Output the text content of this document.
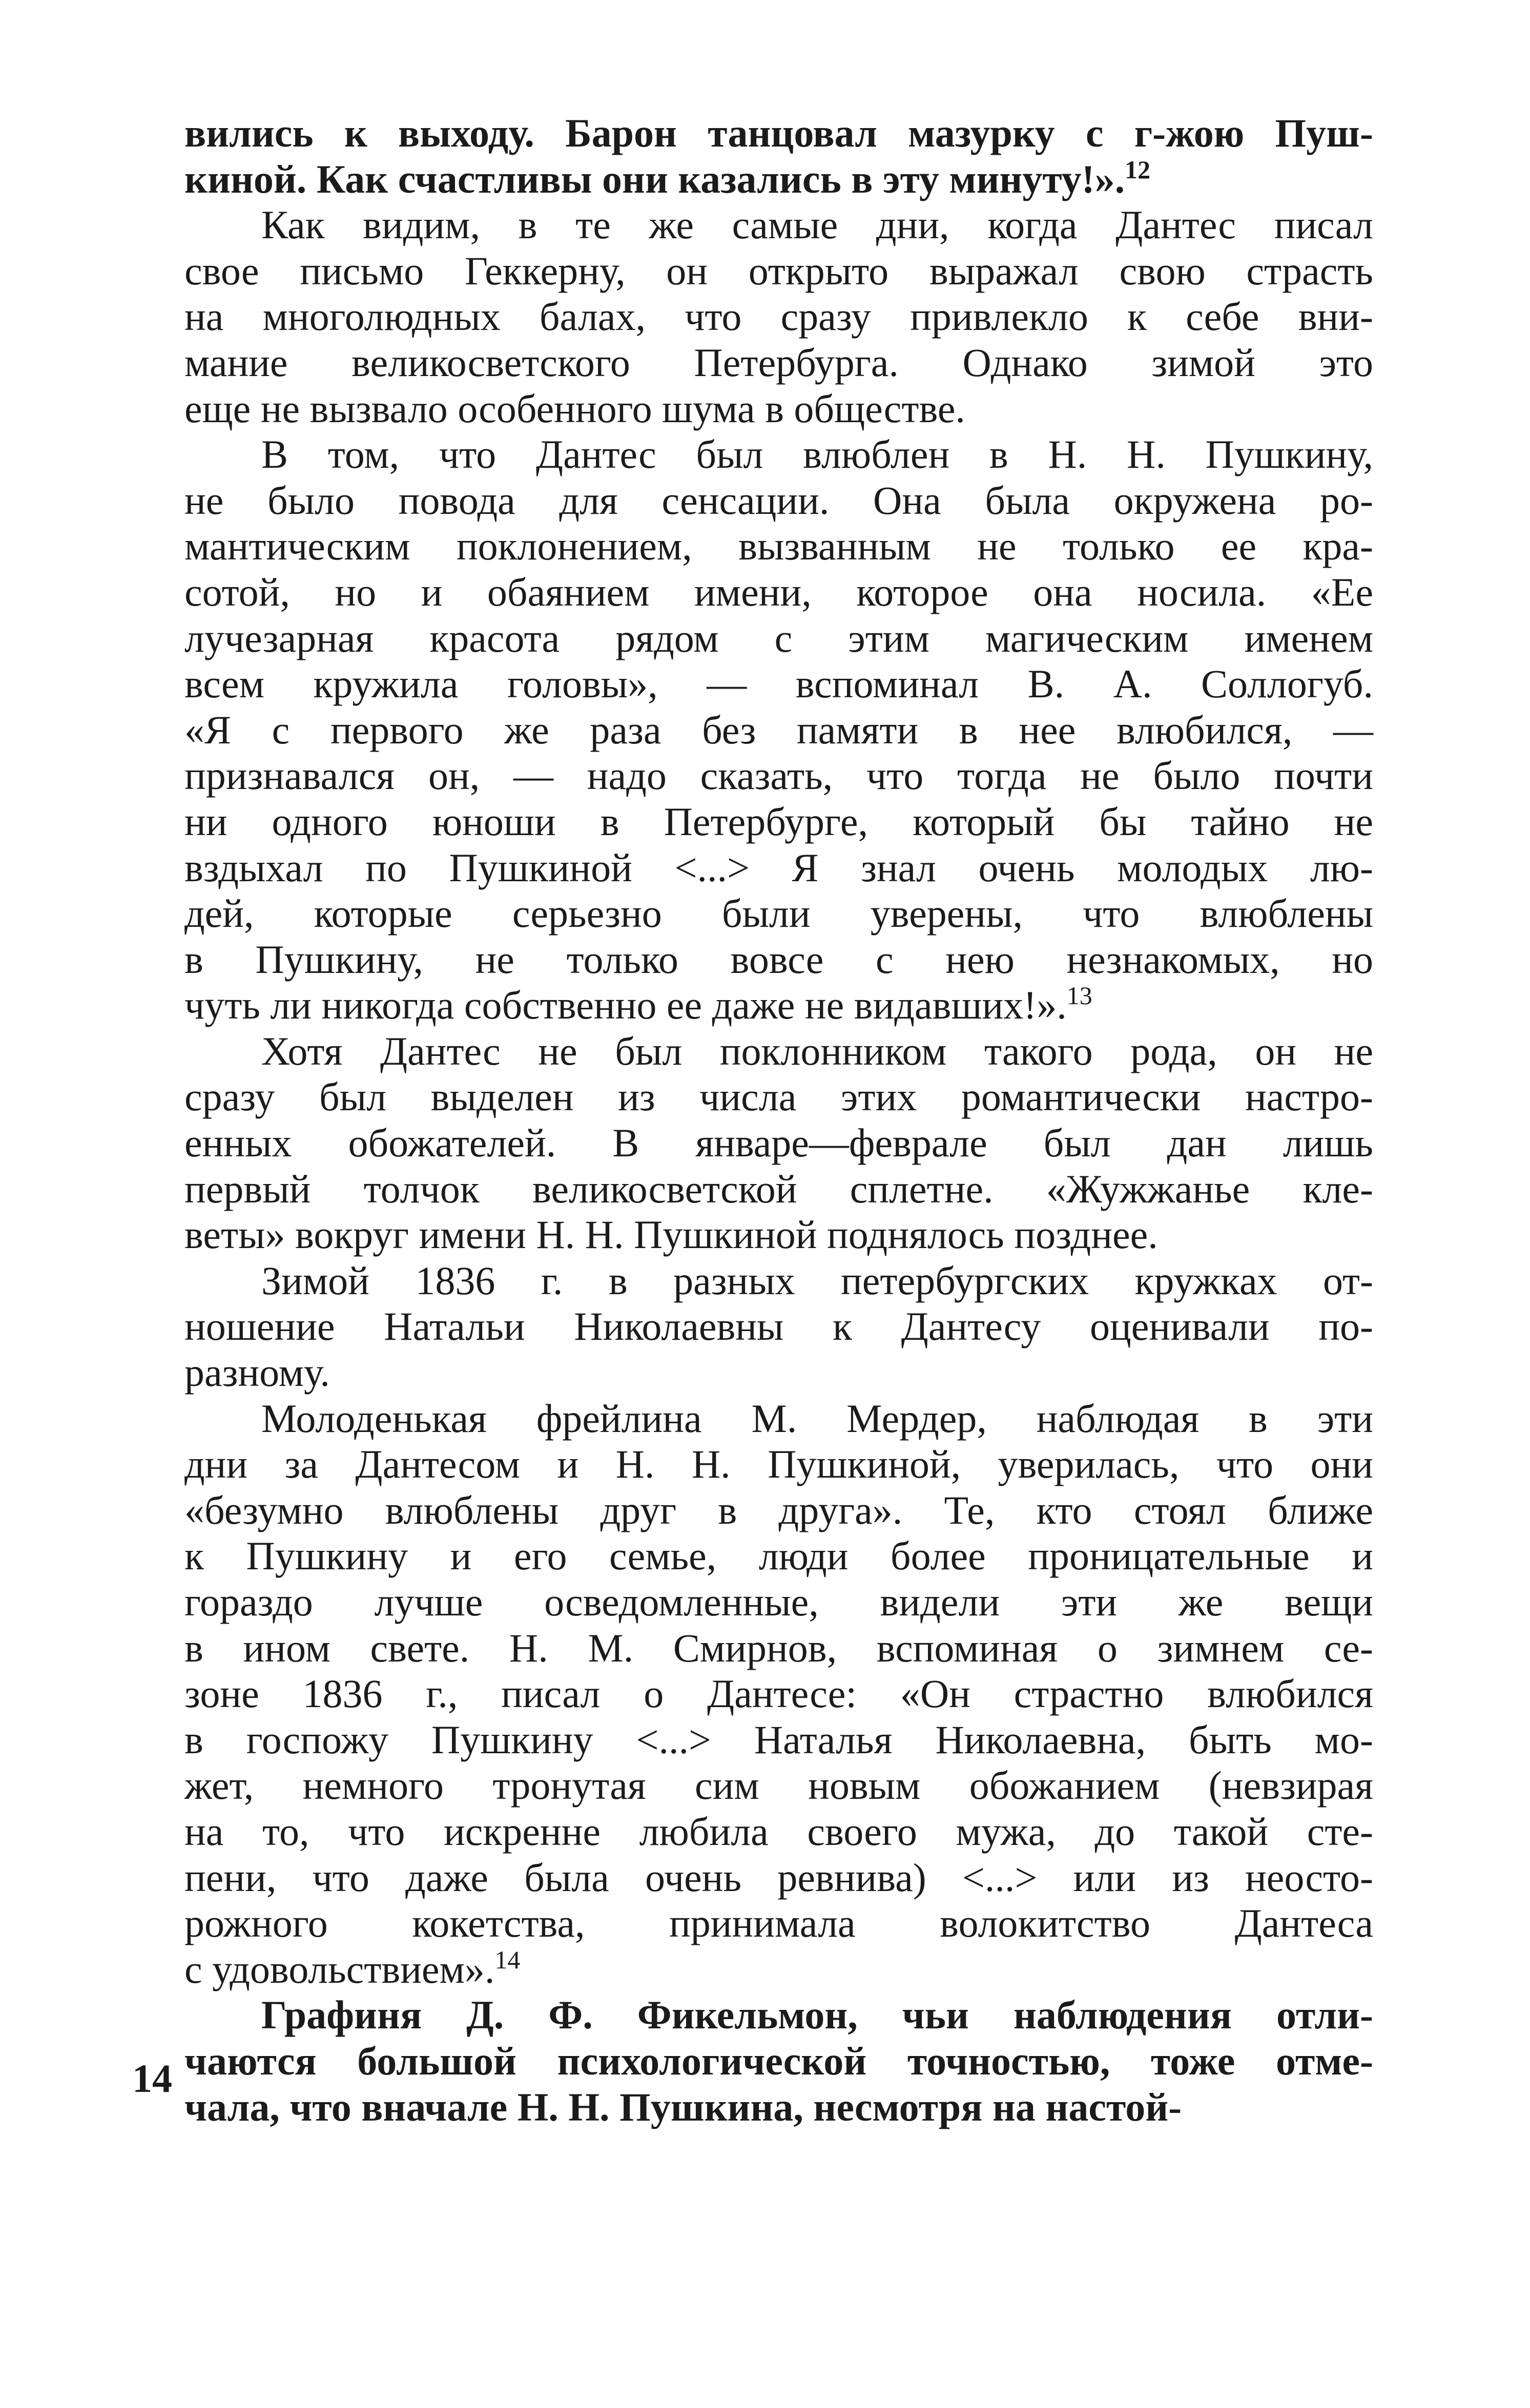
вились к выходу. Барон танцовал мазурку с г-жою Пуш-
киной. Как счастливы они казались в эту минуту!».$^{12}$

Как видим, в те же самые дни, когда Дантес писал
свое письмо Геккерну, он открыто выражал свою страсть
на многолюдных балах, что сразу привлекло к себе вни-
мание великосветского Петербурга. Однако зимой это
еще не вызвало особенного шума в обществе.

В том, что Дантес был влюблен в Н. Н. Пушкину,
не было повода для сенсации. Она была окружена ро-
мантическим поклонением, вызванным не только ее кра-
сотой, но и обаянием имени, которое она носила. «Ее
лучезарная красота рядом с этим магическим именем
всем кружила головы», — вспоминал В. А. Соллогуб.
«Я с первого же раза без памяти в нее влюбился, —
признавался он, — надо сказать, что тогда не было почти
ни одного юноши в Петербурге, который бы тайно не
вздыхал по Пушкиной <...> Я знал очень молодых лю-
дей, которые серьезно были уверены, что влюблены
в Пушкину, не только вовсе с нею незнакомых, но
чуть ли никогда собственно ее даже не видавших!».$^{13}$

Хотя Дантес не был поклонником такого рода, он не
сразу был выделен из числа этих романтически настро-
енных обожателей. В январе—феврале был дан лишь
первый толчок великосветской сплетне. «Жужжанье кле-
веты» вокруг имени Н. Н. Пушкиной поднялось позднее.

Зимой 1836 г. в разных петербургских кружках от-
ношение Натальи Николаевны к Дантесу оценивали по-
разному.

Молоденькая фрейлина М. Мердер, наблюдая в эти
дни за Дантесом и Н. Н. Пушкиной, уверилась, что они
«безумно влюблены друг в друга». Те, кто стоял ближе
к Пушкину и его семье, люди более проницательные и
гораздо лучше осведомленные, видели эти же вещи
в ином свете. Н. М. Смирнов, вспоминая о зимнем се-
зоне 1836 г., писал о Дантесе: «Он страстно влюбился
в госпожу Пушкину <...> Наталья Николаевна, быть мо-
жет, немного тронутая сим новым обожанием (невзирая
на то, что искренне любила своего мужа, до такой сте-
пени, что даже была очень ревнива) <...> или из неосто-
рожного кокетства, принимала волокитство Дантеса
с удовольствием».$^{14}$

Графиня Д. Ф. Фикельмон, чьи наблюдения отли-
чаются большой психологической точностью, тоже отме-
чала, что вначале Н. Н. Пушкина, несмотря на настой-

14
